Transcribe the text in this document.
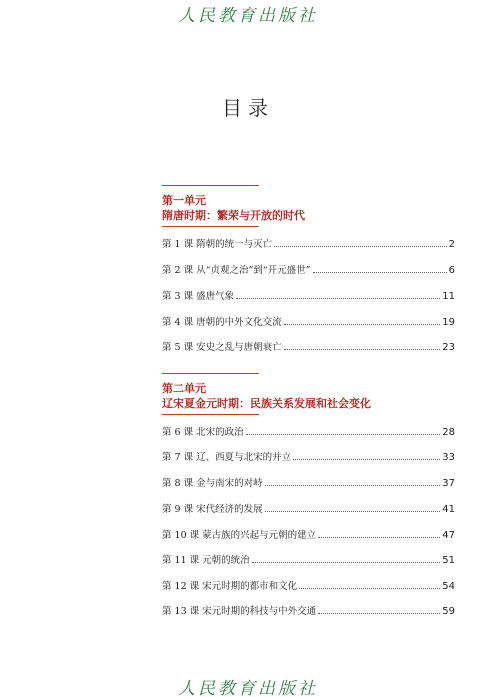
人民教育出版社
目录
第一单元
隋唐时期：繁荣与开放的时代
第 1 课 隋朝的统一与灭亡	2
第 2 课 从“贞观之治”到“开元盛世”	6
第 3 课 盛唐气象	11
第 4 课 唐朝的中外文化交流	19
第 5 课 安史之乱与唐朝衰亡	23
第二单元
辽宋夏金元时期：民族关系发展和社会变化
第 6 课 北宋的政治	28
第 7 课 辽、西夏与北宋的并立	33
第 8 课 金与南宋的对峙	37
第 9 课 宋代经济的发展	41
第 10 课 蒙古族的兴起与元朝的建立	47
第 11 课 元朝的统治	51
第 12 课 宋元时期的都市和文化	54
第 13 课 宋元时期的科技与中外交通	59
人民教育出版社
